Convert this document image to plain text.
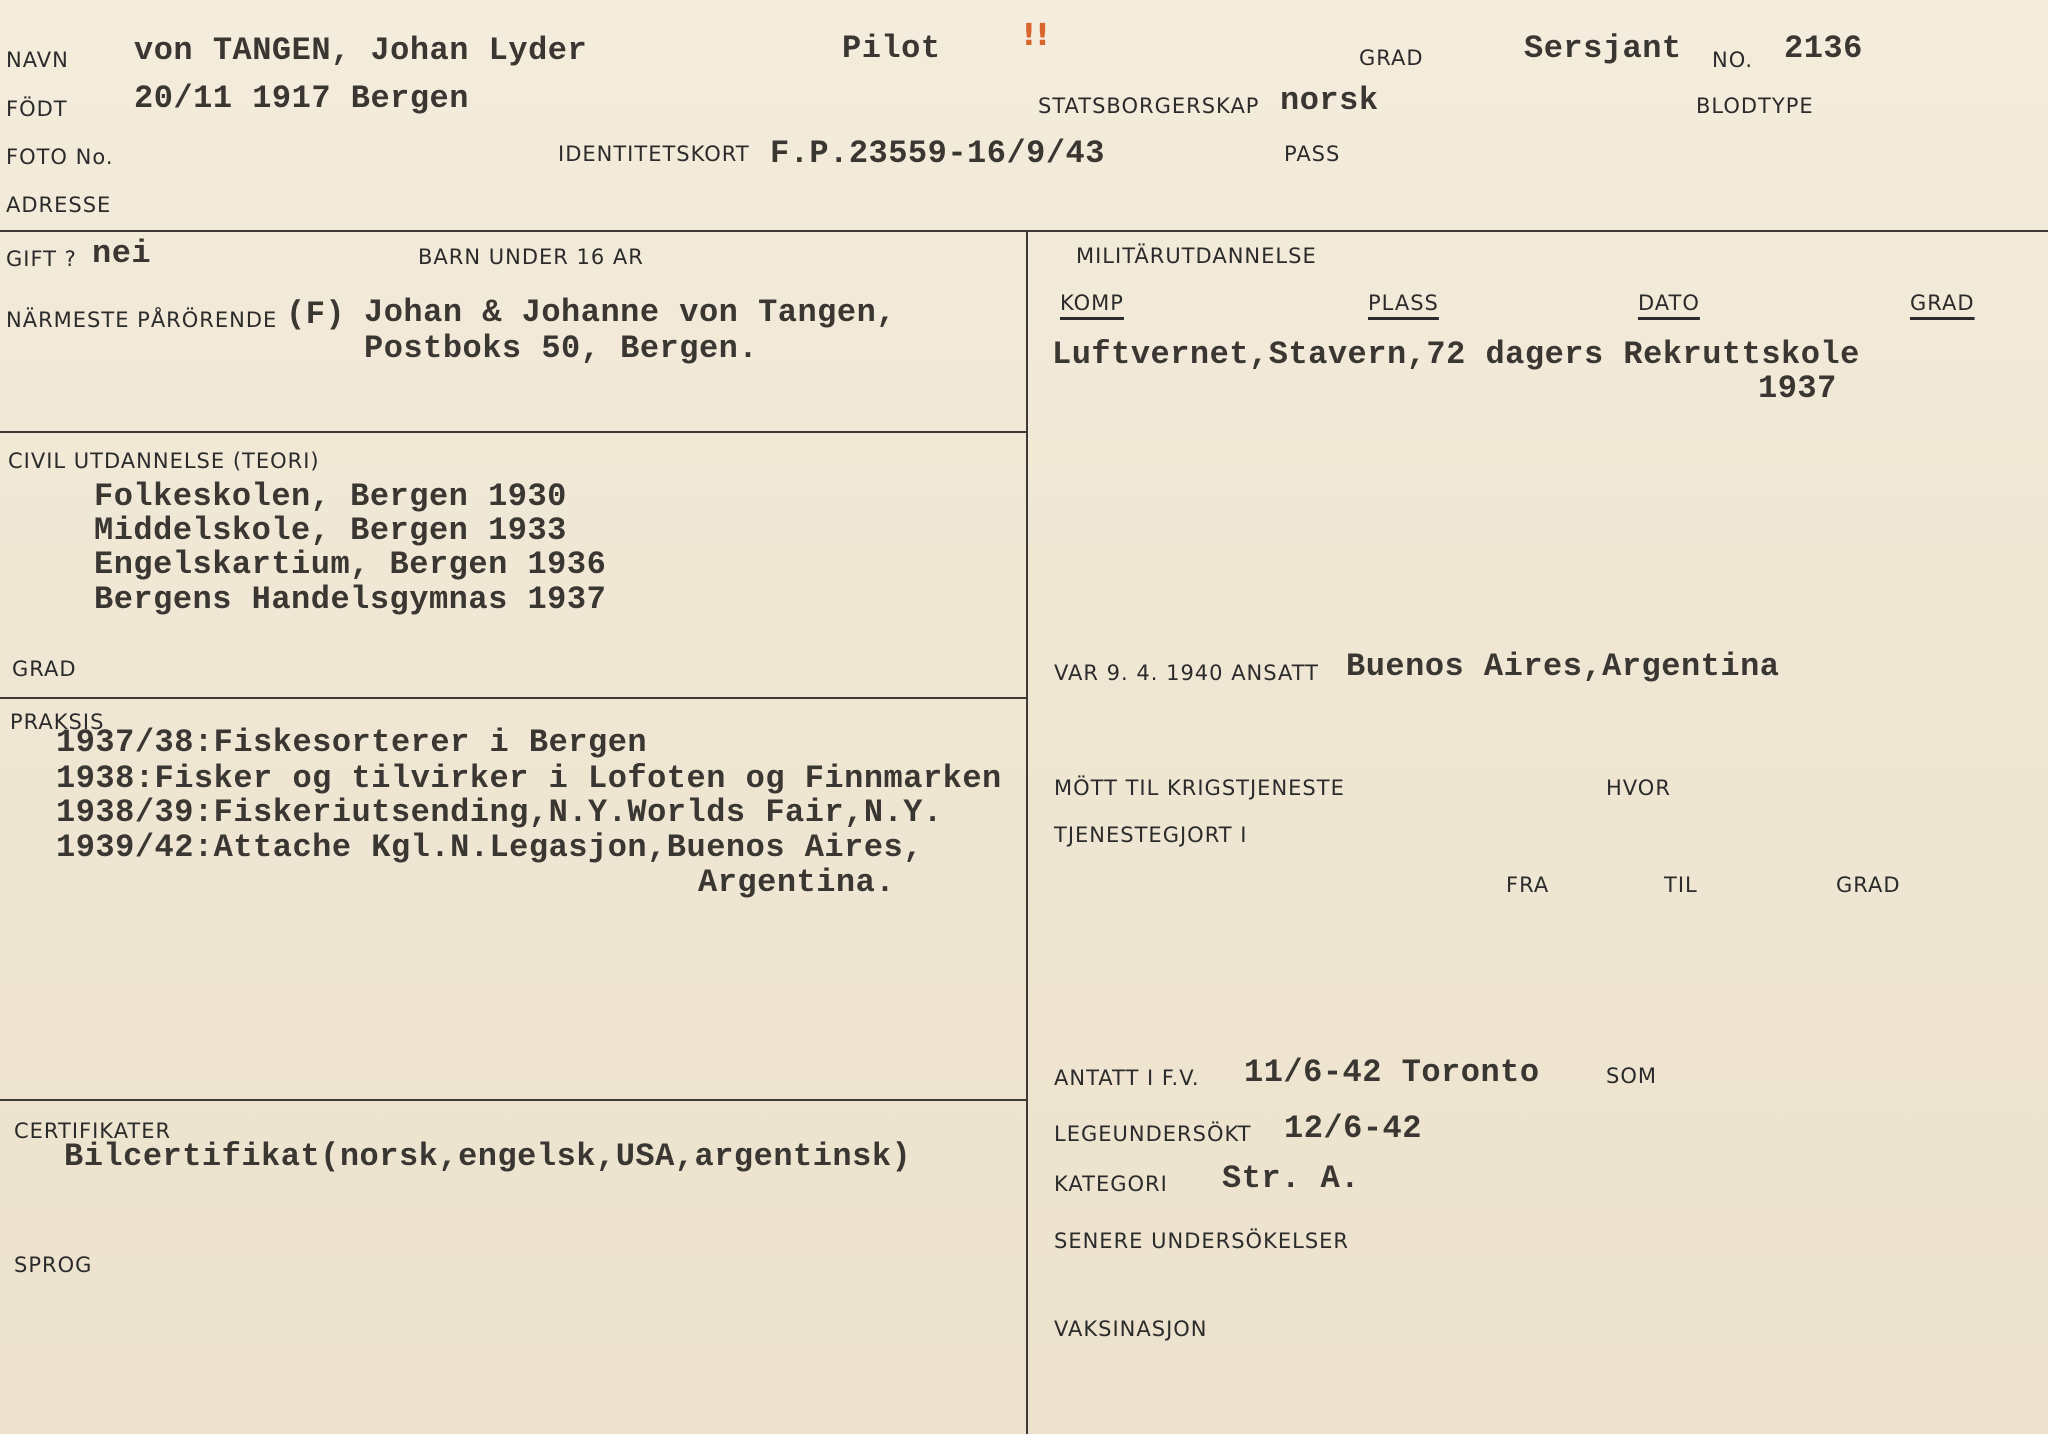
NAVN von TANGEN, Johan Lyder	Pilot	!!
GRAD	Sersjant NO. 2136
FÖDT 20/11 1917 Bergen	STATSBORGERSKAP norsk	BLODTYPE
FOTO No.	IDENTITETSKORT F.P.23559-16/9/43	PASS
ADRESSE
GIFT ? nei	BARN UNDER 16 AR
NÄRMESTE PÅRÖRENDE (F) Johan & Johanne von Tangen,
Postboks 50, Bergen.
CIVIL UTDANNELSE (TEORI)
Folkeskolen, Bergen 1930
Middelskole, Bergen 1933
Engelskartium, Bergen 1936
Bergens Handelsgymnas 1937
GRAD
PRAKSIS
1937/38:Fiskesorterer i Bergen
1938:Fisker og tilvirker i Lofoten og Finnmarken
1938/39:Fiskeriutsending,N.Y.Worlds Fair,N.Y.
1939/42:Attache Kgl.N.Legasjon,Buenos Aires,
Argentina.
CERTIFIKATER
Bilcertifikat(norsk,engelsk,USA,argentinsk)
SPROG
MILITÄRUTDANNELSE
KOMP	PLASS	DATO	GRAD
Luftvernet,Stavern,72 dagers Rekruttskole
1937
VAR 9. 4. 1940 ANSATT Buenos Aires,Argentina
MÖTT TIL KRIGSTJENESTE	HVOR
TJENESTEGJORT I
FRA	TIL	GRAD
ANTATT I F.V. 11/6-42 Toronto	SOM
LEGEUNDERSÖKT 12/6-42
KATEGORI Str. A.
SENERE UNDERSÖKELSER
VAKSINASJON
